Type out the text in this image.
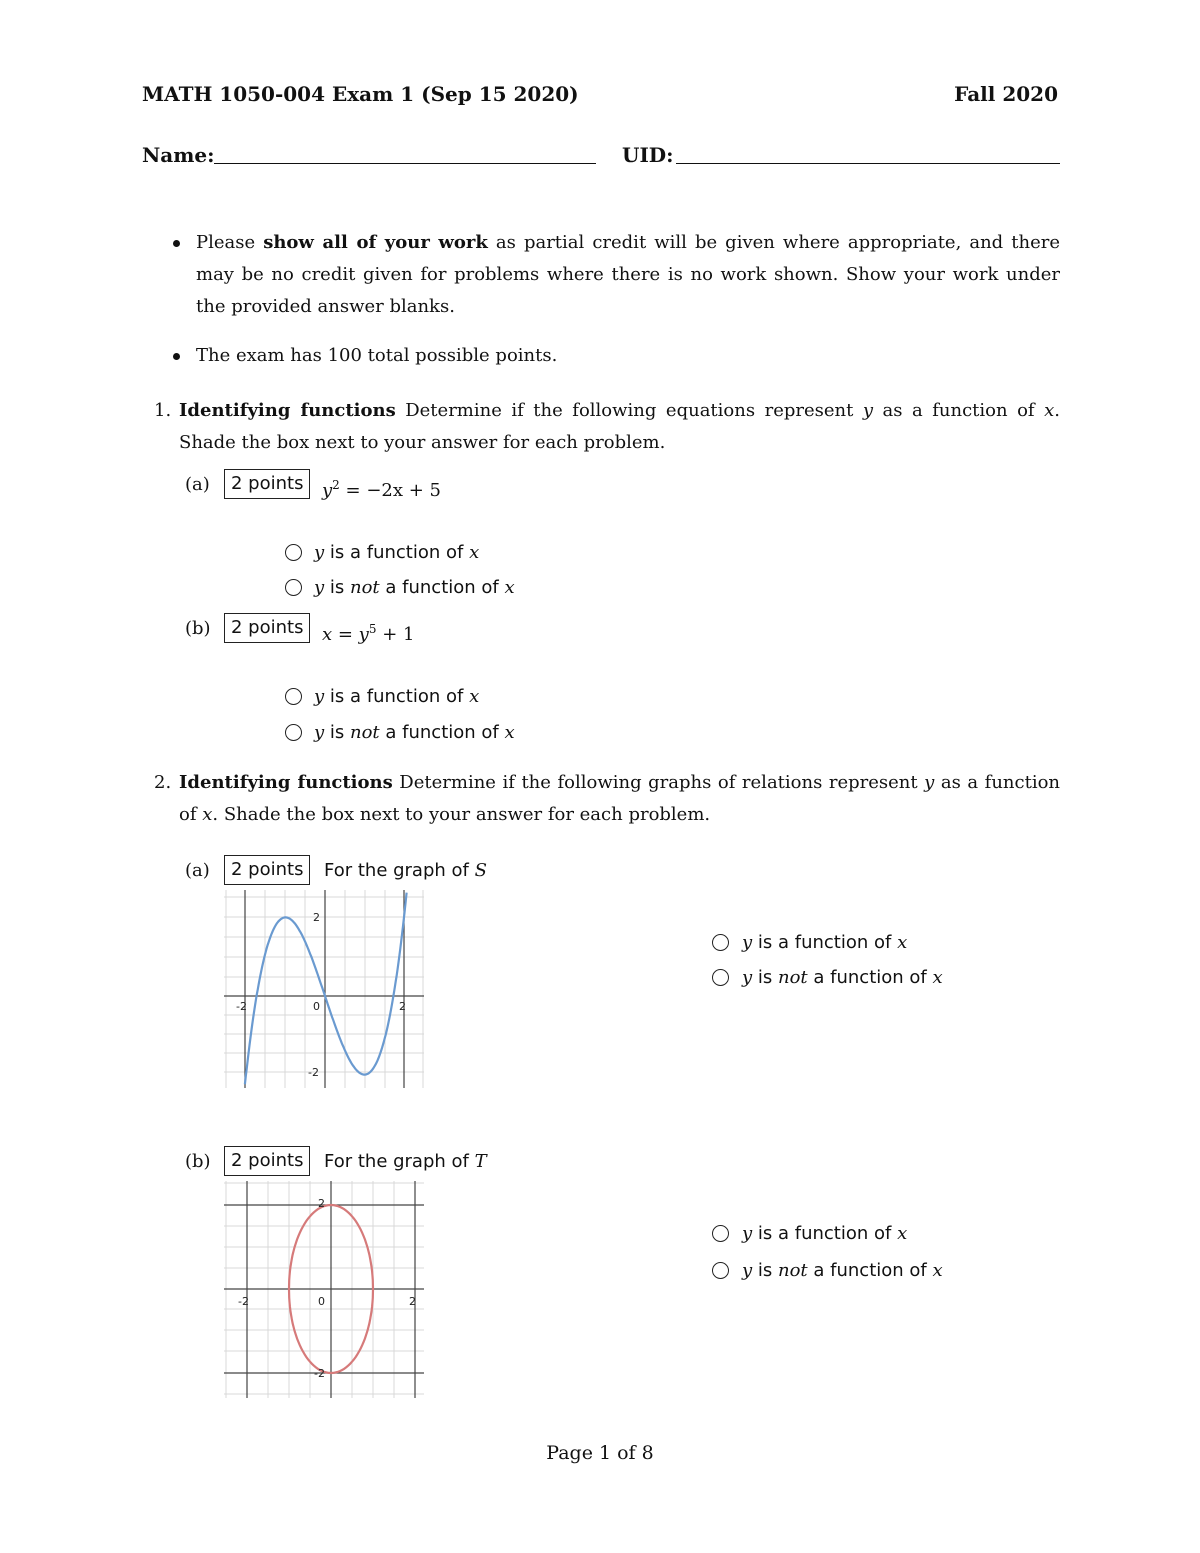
MATH 1050-004 Exam 1 (Sep 15 2020)	Fall 2020
Name:	UID:
Please show all of your work as partial credit will be given where appropriate, and there
may be no credit given for problems where there is no work shown. Show your work under
the provided answer blanks.
The exam has 100 total possible points.
1. Identifying functions Determine if the following equations represent y as a function of x.
Shade the box next to your answer for each problem.
(a)	2 points	$y^2 = -2x + 5$
y is a function of x
y is not a function of x
(b)	2 points	$x = y^5 + 1$
y is a function of x
y is not a function of x
2. Identifying functions Determine if the following graphs of relations represent y as a function
of x. Shade the box next to your answer for each problem.
(a)	2 points	For the graph of S
-2	0	2
2
-2
y is a function of x
y is not a function of x
(b)	2 points	For the graph of T
-2	0	2
2
-2
y is a function of x
y is not a function of x
Page 1 of 8
